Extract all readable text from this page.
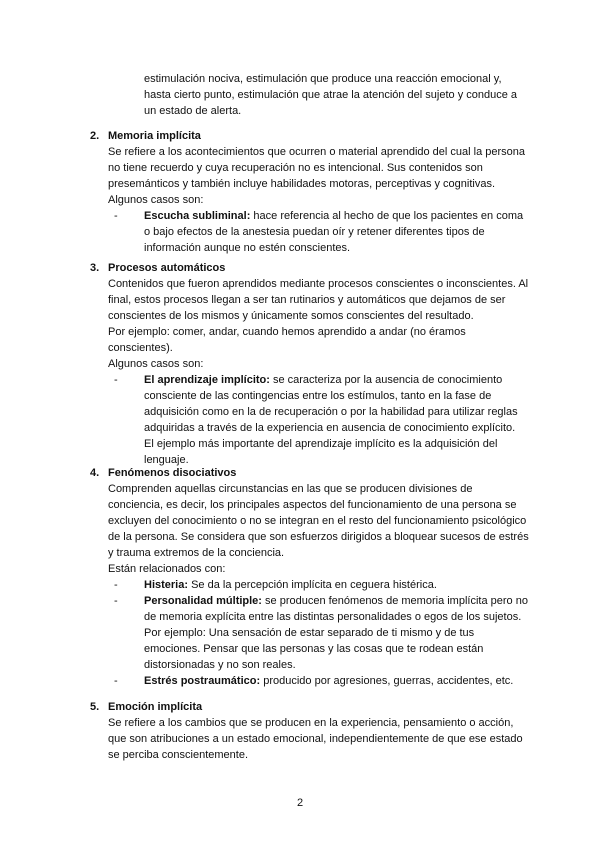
estimulación nociva, estimulación que produce una reacción emocional y, hasta cierto punto, estimulación que atrae la atención del sujeto y conduce a un estado de alerta.

2. Memoria implícita

Se refiere a los acontecimientos que ocurren o material aprendido del cual la persona no tiene recuerdo y cuya recuperación no es intencional. Sus contenidos son presemánticos y también incluye habilidades motoras, perceptivas y cognitivas.

Algunos casos son:

-	Escucha subliminal: hace referencia al hecho de que los pacientes en coma o bajo efectos de la anestesia puedan oír y retener diferentes tipos de información aunque no estén conscientes.

3. Procesos automáticos

Contenidos que fueron aprendidos mediante procesos conscientes o inconscientes. Al final, estos procesos llegan a ser tan rutinarios y automáticos que dejamos de ser conscientes de los mismos y únicamente somos conscientes del resultado.

Por ejemplo: comer, andar, cuando hemos aprendido a andar (no éramos conscientes).

Algunos casos son:

-	El aprendizaje implícito: se caracteriza por la ausencia de conocimiento consciente de las contingencias entre los estímulos, tanto en la fase de adquisición como en la de recuperación o por la habilidad para utilizar reglas adquiridas a través de la experiencia en ausencia de conocimiento explícito.

El ejemplo más importante del aprendizaje implícito es la adquisición del lenguaje.

4. Fenómenos disociativos

Comprenden aquellas circunstancias en las que se producen divisiones de conciencia, es decir, los principales aspectos del funcionamiento de una persona se excluyen del conocimiento o no se integran en el resto del funcionamiento psicológico de la persona. Se considera que son esfuerzos dirigidos a bloquear sucesos de estrés y trauma extremos de la conciencia.

Están relacionados con:

-	Histeria: Se da la percepción implícita en ceguera histérica.

-	Personalidad múltiple: se producen fenómenos de memoria implícita pero no de memoria explícita entre las distintas personalidades o egos de los sujetos.

Por ejemplo: Una sensación de estar separado de ti mismo y de tus emociones. Pensar que las personas y las cosas que te rodean están distorsionadas y no son reales.

-	Estrés postraumático: producido por agresiones, guerras, accidentes, etc.

5. Emoción implícita

Se refiere a los cambios que se producen en la experiencia, pensamiento o acción, que son atribuciones a un estado emocional, independientemente de que ese estado se perciba conscientemente.

2
